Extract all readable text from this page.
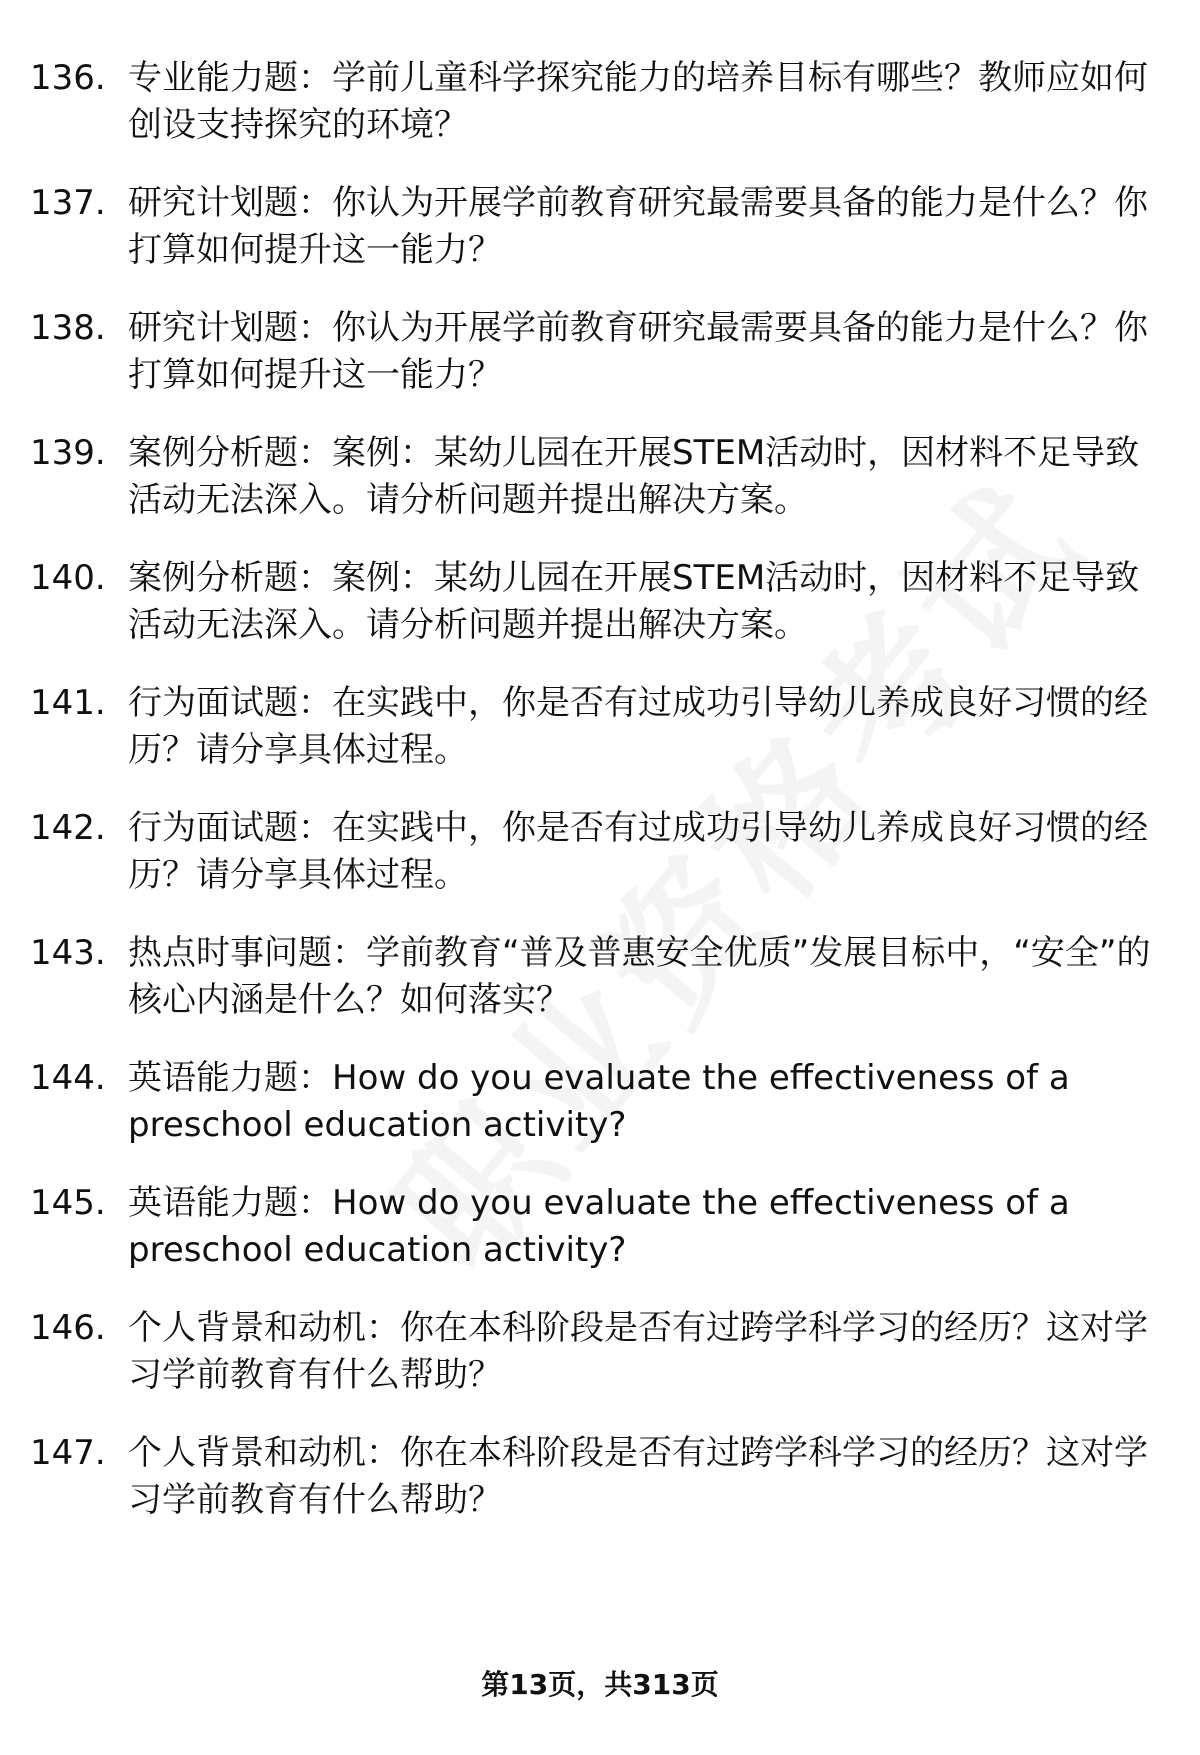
136. 专业能力题：学前儿童科学探究能力的培养目标有哪些？教师应如何创设支持探究的环境？
137. 研究计划题：你认为开展学前教育研究最需要具备的能力是什么？你打算如何提升这一能力？
138. 研究计划题：你认为开展学前教育研究最需要具备的能力是什么？你打算如何提升这一能力？
139. 案例分析题：案例：某幼儿园在开展STEM活动时，因材料不足导致活动无法深入。请分析问题并提出解决方案。
140. 案例分析题：案例：某幼儿园在开展STEM活动时，因材料不足导致活动无法深入。请分析问题并提出解决方案。
141. 行为面试题：在实践中，你是否有过成功引导幼儿养成良好习惯的经历？请分享具体过程。
142. 行为面试题：在实践中，你是否有过成功引导幼儿养成良好习惯的经历？请分享具体过程。
143. 热点时事问题：学前教育“普及普惠安全优质”发展目标中，“安全”的核心内涵是什么？如何落实？
144. 英语能力题：How do you evaluate the effectiveness of a preschool education activity?
145. 英语能力题：How do you evaluate the effectiveness of a preschool education activity?
146. 个人背景和动机：你在本科阶段是否有过跨学科学习的经历？这对学习学前教育有什么帮助？
147. 个人背景和动机：你在本科阶段是否有过跨学科学习的经历？这对学习学前教育有什么帮助？
第13页，共313页
